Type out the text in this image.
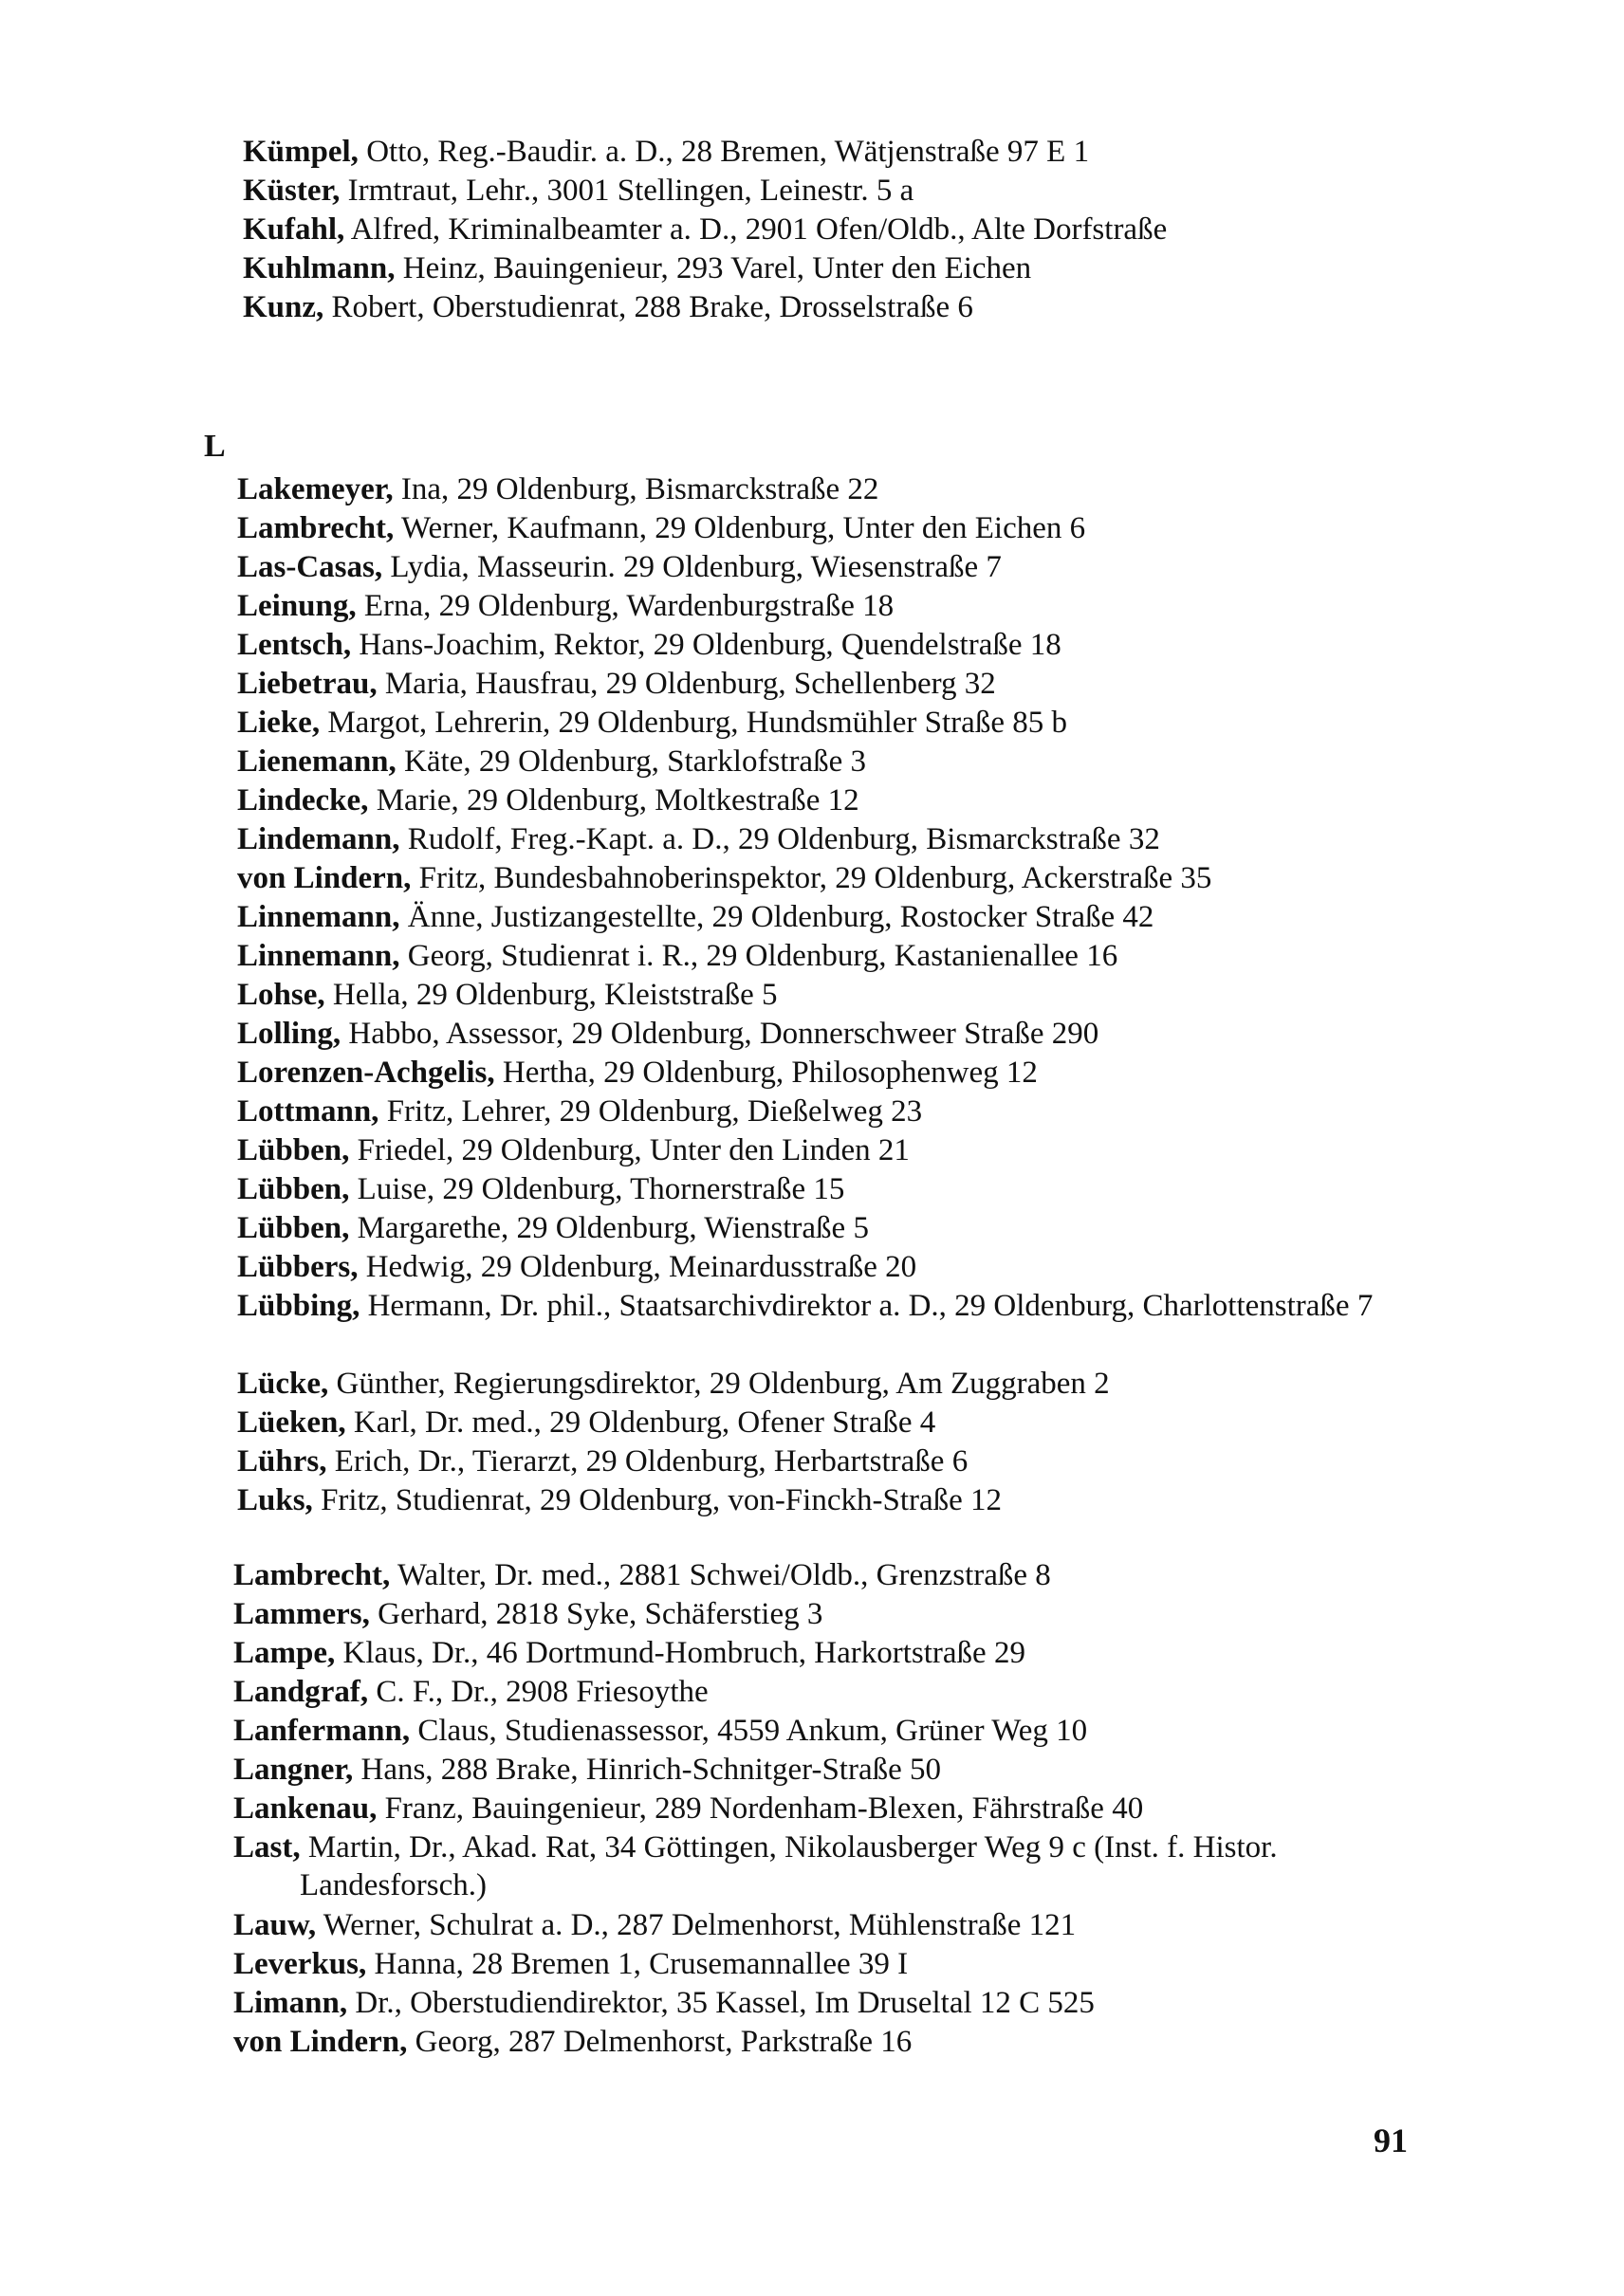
Kümpel, Otto, Reg.-Baudir. a. D., 28 Bremen, Wätjenstraße 97 E 1
Küster, Irmtraut, Lehr., 3001 Stellingen, Leinestr. 5 a
Kufahl, Alfred, Kriminalbeamter a. D., 2901 Ofen/Oldb., Alte Dorfstraße
Kuhlmann, Heinz, Bauingenieur, 293 Varel, Unter den Eichen
Kunz, Robert, Oberstudienrat, 288 Brake, Drosselstraße 6
L
Lakemeyer, Ina, 29 Oldenburg, Bismarckstraße 22
Lambrecht, Werner, Kaufmann, 29 Oldenburg, Unter den Eichen 6
Las-Casas, Lydia, Masseurin. 29 Oldenburg, Wiesenstraße 7
Leinung, Erna, 29 Oldenburg, Wardenburgstraße 18
Lentsch, Hans-Joachim, Rektor, 29 Oldenburg, Quendelstraße 18
Liebetrau, Maria, Hausfrau, 29 Oldenburg, Schellenberg 32
Lieke, Margot, Lehrerin, 29 Oldenburg, Hundsmühler Straße 85 b
Lienemann, Käte, 29 Oldenburg, Starklofstraße 3
Lindecke, Marie, 29 Oldenburg, Moltkestraße 12
Lindemann, Rudolf, Freg.-Kapt. a. D., 29 Oldenburg, Bismarckstraße 32
von Lindern, Fritz, Bundesbahnoberinspektor, 29 Oldenburg, Ackerstraße 35
Linnemann, Änne, Justizangestellte, 29 Oldenburg, Rostocker Straße 42
Linnemann, Georg, Studienrat i. R., 29 Oldenburg, Kastanienallee 16
Lohse, Hella, 29 Oldenburg, Kleiststraße 5
Lolling, Habbo, Assessor, 29 Oldenburg, Donnerschweer Straße 290
Lorenzen-Achgelis, Hertha, 29 Oldenburg, Philosophenweg 12
Lottmann, Fritz, Lehrer, 29 Oldenburg, Dießelweg 23
Lübben, Friedel, 29 Oldenburg, Unter den Linden 21
Lübben, Luise, 29 Oldenburg, Thornerstraße 15
Lübben, Margarethe, 29 Oldenburg, Wienstraße 5
Lübbers, Hedwig, 29 Oldenburg, Meinardusstraße 20
Lübbing, Hermann, Dr. phil., Staatsarchivdirektor a. D., 29 Oldenburg, Charlottenstraße 7
Lücke, Günther, Regierungsdirektor, 29 Oldenburg, Am Zuggraben 2
Lüeken, Karl, Dr. med., 29 Oldenburg, Ofener Straße 4
Lührs, Erich, Dr., Tierarzt, 29 Oldenburg, Herbartstraße 6
Luks, Fritz, Studienrat, 29 Oldenburg, von-Finckh-Straße 12
Lambrecht, Walter, Dr. med., 2881 Schwei/Oldb., Grenzstraße 8
Lammers, Gerhard, 2818 Syke, Schäferstieg 3
Lampe, Klaus, Dr., 46 Dortmund-Hombruch, Harkortstraße 29
Landgraf, C. F., Dr., 2908 Friesoythe
Lanfermann, Claus, Studienassessor, 4559 Ankum, Grüner Weg 10
Langner, Hans, 288 Brake, Hinrich-Schnitger-Straße 50
Lankenau, Franz, Bauingenieur, 289 Nordenham-Blexen, Fährstraße 40
Last, Martin, Dr., Akad. Rat, 34 Göttingen, Nikolausberger Weg 9 c (Inst. f. Histor. Landesforsch.)
Lauw, Werner, Schulrat a. D., 287 Delmenhorst, Mühlenstraße 121
Leverkus, Hanna, 28 Bremen 1, Crusemannallee 39 I
Limann, Dr., Oberstudiendirektor, 35 Kassel, Im Druseltal 12 C 525
von Lindern, Georg, 287 Delmenhorst, Parkstraße 16
91
